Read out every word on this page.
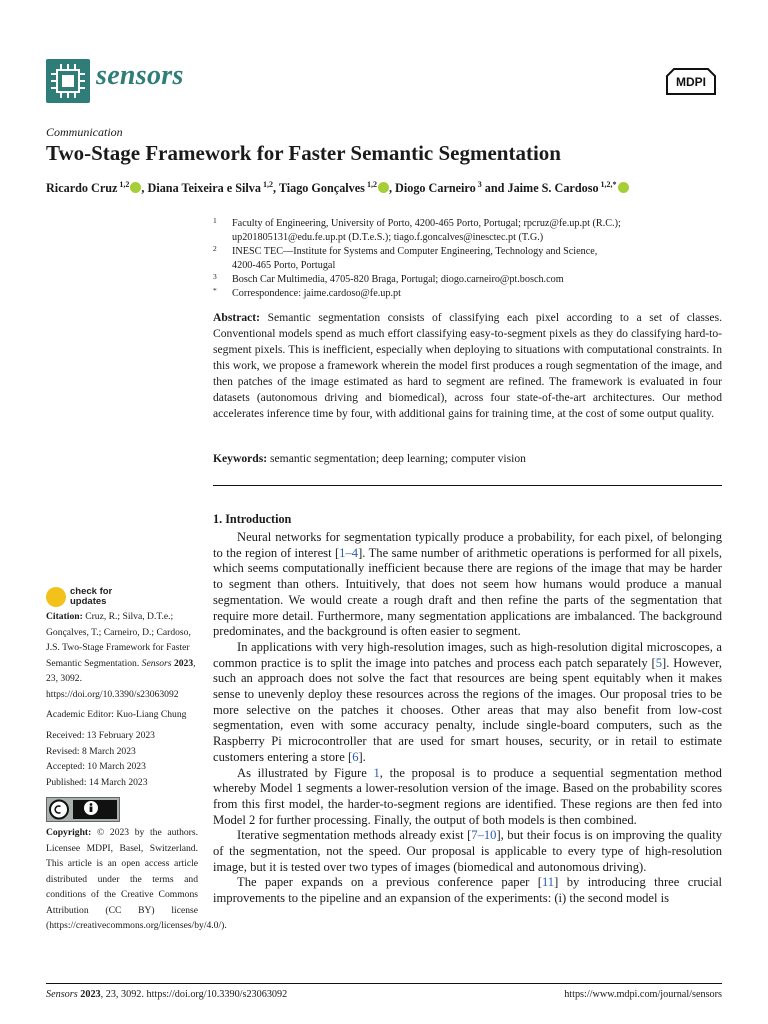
sensors	MDPI
Communication
Two-Stage Framework for Faster Semantic Segmentation
Ricardo Cruz $^{1,2}$ , Diana Teixeira e Silva $^{1,2}$, Tiago Gonçalves $^{1,2}$ , Diogo Carneiro $^3$ and Jaime S. Cardoso $^{1,2,*}$
1 Faculty of Engineering, University of Porto, 4200-465 Porto, Portugal; rpcruz@fe.up.pt (R.C.);
up201805131@edu.fe.up.pt (D.T.e.S.); tiago.f.goncalves@inesctec.pt (T.G.)
2 INESC TEC—Institute for Systems and Computer Engineering, Technology and Science,
4200-465 Porto, Portugal
3 Bosch Car Multimedia, 4705-820 Braga, Portugal; diogo.carneiro@pt.bosch.com
* Correspondence: jaime.cardoso@fe.up.pt
Abstract: Semantic segmentation consists of classifying each pixel according to a set of classes. Conventional models spend as much effort classifying easy-to-segment pixels as they do classifying hard-to-segment pixels. This is inefficient, especially when deploying to situations with computational constraints. In this work, we propose a framework wherein the model first produces a rough segmentation of the image, and then patches of the image estimated as hard to segment are refined. The framework is evaluated in four datasets (autonomous driving and biomedical), across four state-of-the-art architectures. Our method accelerates inference time by four, with additional gains for training time, at the cost of some output quality.
Keywords: semantic segmentation; deep learning; computer vision
1. Introduction

Neural networks for segmentation typically produce a probability, for each pixel, of belonging to the region of interest [1–4]. The same number of arithmetic operations is performed for all pixels, which seems computationally inefficient because there are regions of the image that may be harder to segment than others. Intuitively, that does not seem how humans would produce a manual segmentation. We would create a rough draft and then refine the parts of the segmentation that require more detail. Furthermore, many segmentation applications are imbalanced. The background predominates, and the background is often easier to segment.

In applications with very high-resolution images, such as high-resolution digital microscopes, a common practice is to split the image into patches and process each patch separately [5]. However, such an approach does not solve the fact that resources are being spent equitably when it makes sense to unevenly deploy these resources across the regions of the images. Our proposal tries to be more selective on the patches it chooses. Other areas that may also benefit from low-cost segmentation, even with some accuracy penalty, include single-board computers, such as the Raspberry Pi microcontroller that are used for smart houses, security, or in retail to estimate customers entering a store [6].

As illustrated by Figure 1, the proposal is to produce a sequential segmentation method whereby Model 1 segments a lower-resolution version of the image. Based on the probability scores from this first model, the harder-to-segment regions are identified. These regions are then fed into Model 2 for further processing. Finally, the output of both models is then combined.

Iterative segmentation methods already exist [7–10], but their focus is on improving the quality of the segmentation, not the speed. Our proposal is applicable to every type of high-resolution image, but it is tested over two types of images (biomedical and autonomous driving).

The paper expands on a previous conference paper [11] by introducing three crucial improvements to the pipeline and an expansion of the experiments: (i) the second model is

check for
updates
Citation: Cruz, R.; Silva, D.T.e.; Gonçalves, T.; Carneiro, D.; Cardoso, J.S. Two-Stage Framework for Faster Semantic Segmentation. Sensors 2023, 23, 3092. https://doi.org/10.3390/s23063092
Academic Editor: Kuo-Liang Chung
Received: 13 February 2023
Revised: 8 March 2023
Accepted: 10 March 2023
Published: 14 March 2023
Copyright: © 2023 by the authors. Licensee MDPI, Basel, Switzerland. This article is an open access article distributed under the terms and conditions of the Creative Commons Attribution (CC BY) license (https://creativecommons.org/licenses/by/4.0/).
Sensors 2023, 23, 3092. https://doi.org/10.3390/s23063092	https://www.mdpi.com/journal/sensors
